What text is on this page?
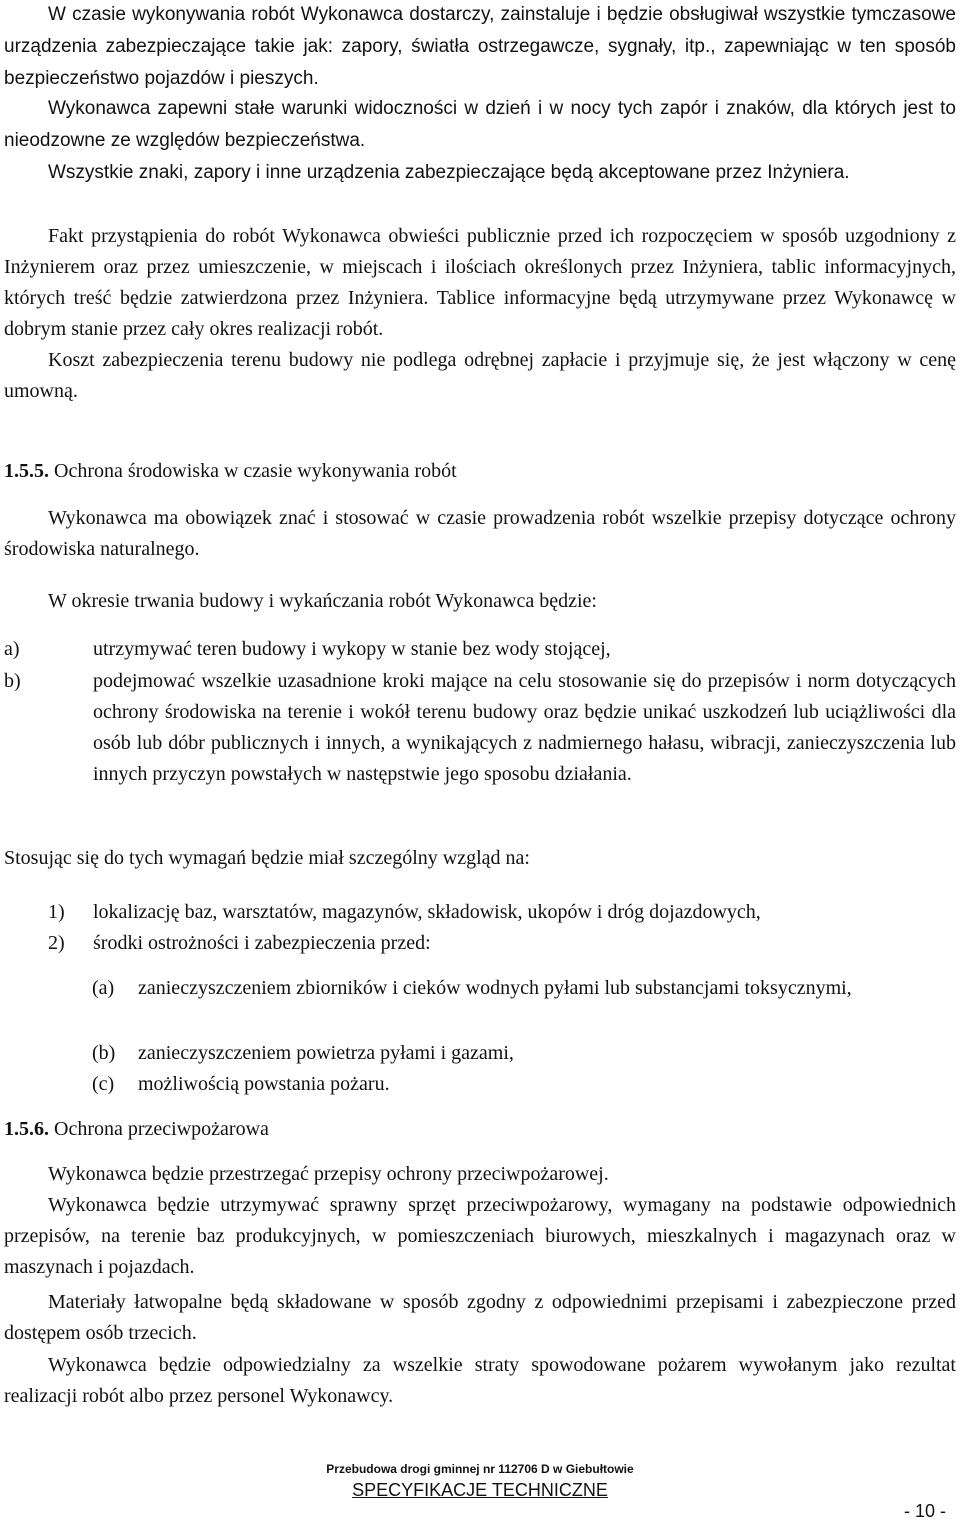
W czasie wykonywania robót Wykonawca dostarczy, zainstaluje i będzie obsługiwał wszystkie tymczasowe urządzenia zabezpieczające takie jak: zapory, światła ostrzegawcze, sygnały, itp., zapewniając w ten sposób bezpieczeństwo pojazdów i pieszych.

Wykonawca zapewni stałe warunki widoczności w dzień i w nocy tych zapór i znaków, dla których jest to nieodzowne ze względów bezpieczeństwa.

Wszystkie znaki, zapory i inne urządzenia zabezpieczające będą akceptowane przez Inżyniera.

Fakt przystąpienia do robót Wykonawca obwieści publicznie przed ich rozpoczęciem w sposób uzgodniony z Inżynierem oraz przez umieszczenie, w miejscach i ilościach określonych przez Inżyniera, tablic informacyjnych, których treść będzie zatwierdzona przez Inżyniera. Tablice informacyjne będą utrzymywane przez Wykonawcę w dobrym stanie przez cały okres realizacji robót.

Koszt zabezpieczenia terenu budowy nie podlega odrębnej zapłacie i przyjmuje się, że jest włączony w cenę umowną.

1.5.5. Ochrona środowiska w czasie wykonywania robót

Wykonawca ma obowiązek znać i stosować w czasie prowadzenia robót wszelkie przepisy dotyczące ochrony środowiska naturalnego.

W okresie trwania budowy i wykańczania robót Wykonawca będzie:

a)	utrzymywać teren budowy i wykopy w stanie bez wody stojącej,
b)	podejmować wszelkie uzasadnione kroki mające na celu stosowanie się do przepisów i norm dotyczących ochrony środowiska na terenie i wokół terenu budowy oraz będzie unikać uszkodzeń lub uciążliwości dla osób lub dóbr publicznych i innych, a wynikających z nadmiernego hałasu, wibracji, zanieczyszczenia lub innych przyczyn powstałych w następstwie jego sposobu działania.

Stosując się do tych wymagań będzie miał szczególny wzgląd na:

1) lokalizację baz, warsztatów, magazynów, składowisk, ukopów i dróg dojazdowych,
2) środki ostrożności i zabezpieczenia przed:
(a) zanieczyszczeniem zbiorników i cieków wodnych pyłami lub substancjami toksycznymi,
(b) zanieczyszczeniem powietrza pyłami i gazami,
(c) możliwością powstania pożaru.
1.5.6. Ochrona przeciwpożarowa

Wykonawca będzie przestrzegać przepisy ochrony przeciwpożarowej.

Wykonawca będzie utrzymywać sprawny sprzęt przeciwpożarowy, wymagany na podstawie odpowiednich przepisów, na terenie baz produkcyjnych, w pomieszczeniach biurowych, mieszkalnych i magazynach oraz w maszynach i pojazdach.

Materiały łatwopalne będą składowane w sposób zgodny z odpowiednimi przepisami i zabezpieczone przed dostępem osób trzecich.

Wykonawca będzie odpowiedzialny za wszelkie straty spowodowane pożarem wywołanym jako rezultat realizacji robót albo przez personel Wykonawcy.

Przebudowa drogi gminnej nr 112706 D w Giebułtowie
SPECYFIKACJE TECHNICZNE
- 10 -
